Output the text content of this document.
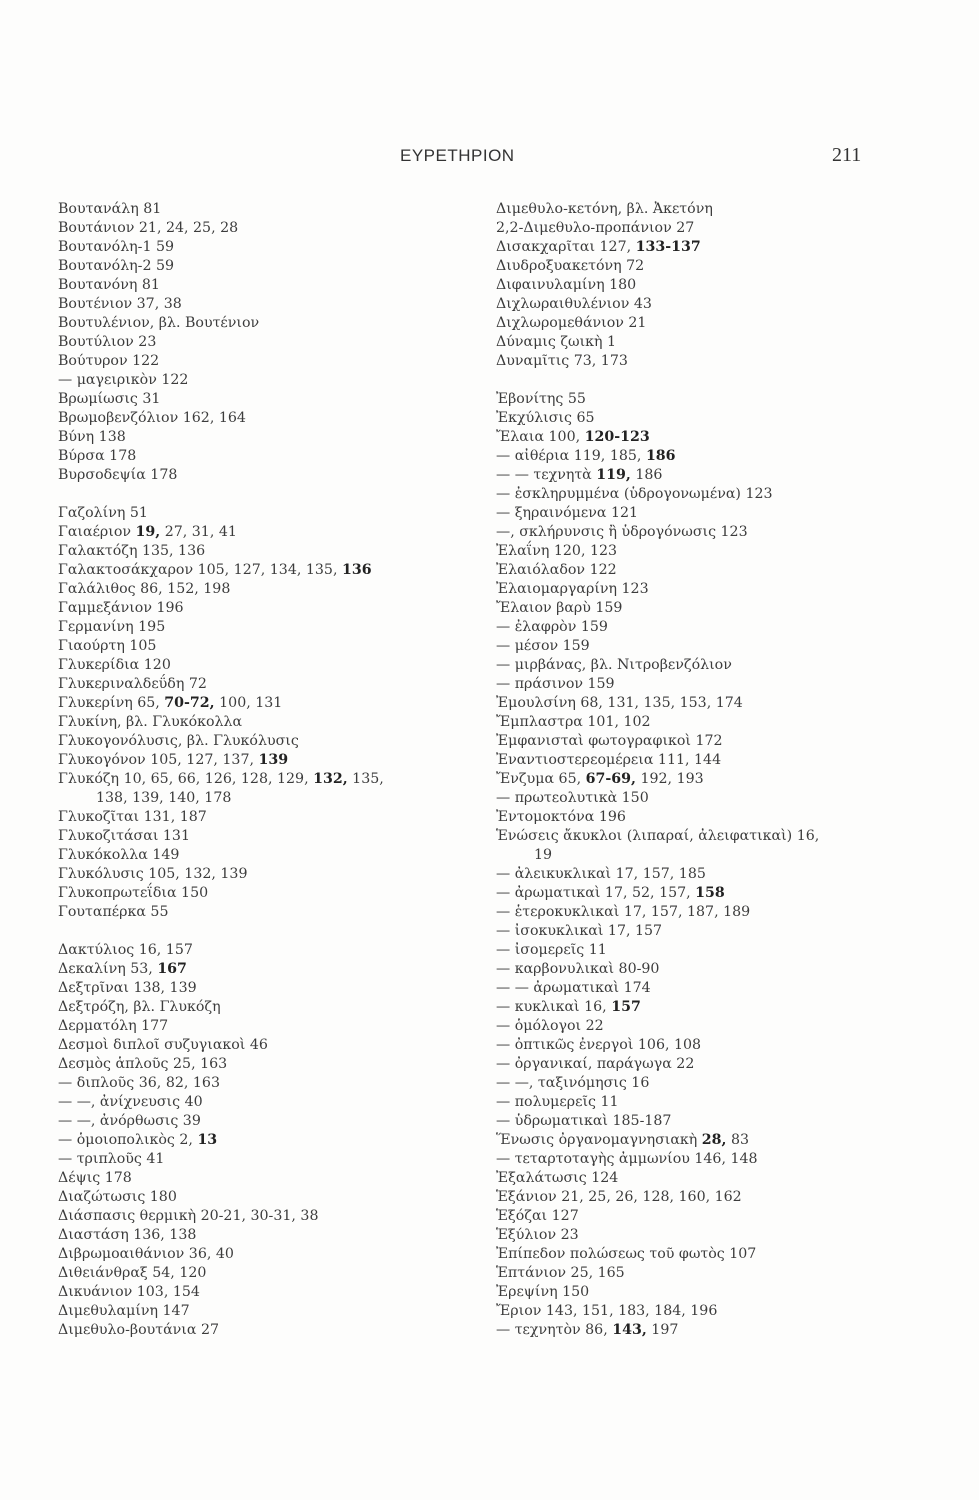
ΕΥΡΕΤΗΡΙΟΝ	211
Βουτανάλη 81
Βουτάνιον 21, 24, 25, 28
Βουτανόλη-1 59
Βουτανόλη-2 59
Βουτανόνη 81
Βουτένιον 37, 38
Βουτυλένιον, βλ. Βουτένιον
Βουτύλιον 23
Βούτυρον 122
— μαγειρικὸν 122
Βρωμίωσις 31
Βρωμοβενζόλιον 162, 164
Βύνη 138
Βύρσα 178
Βυρσοδεψία 178
Γαζολίνη 51
Γαιαέριον 19, 27, 31, 41
Γαλακτόζη 135, 136
Γαλακτοσάκχαρον 105, 127, 134, 135, 136
Γαλάλιθος 86, 152, 198
Γαμμεξάνιον 196
Γερμανίνη 195
Γιαούρτη 105
Γλυκερίδια 120
Γλυκεριναλδεΰδη 72
Γλυκερίνη 65, 70-72, 100, 131
Γλυκίνη, βλ. Γλυκόκολλα
Γλυκογονόλυσις, βλ. Γλυκόλυσις
Γλυκογόνον 105, 127, 137, 139
Γλυκόζη 10, 65, 66, 126, 128, 129, 132, 135,
138, 139, 140, 178
Γλυκοζῖται 131, 187
Γλυκοζιτάσαι 131
Γλυκόκολλα 149
Γλυκόλυσις 105, 132, 139
Γλυκοπρωτεΐδια 150
Γουταπέρκα 55
Δακτύλιος 16, 157
Δεκαλίνη 53, 167
Δεξτρῖναι 138, 139
Δεξτρόζη, βλ. Γλυκόζη
Δερματόλη 177
Δεσμοὶ διπλοῖ συζυγιακοὶ 46
Δεσμὸς ἁπλοῦς 25, 163
— διπλοῦς 36, 82, 163
— —, ἀνίχνευσις 40
— —, ἀνόρθωσις 39
— ὁμοιοπολικὸς 2, 13
— τριπλοῦς 41
Δέψις 178
Διαζώτωσις 180
Διάσπασις θερμικὴ 20-21, 30-31, 38
Διαστάση 136, 138
Διβρωμοαιθάνιον 36, 40
Διθειάνθραξ 54, 120
Δικυάνιον 103, 154
Διμεθυλαμίνη 147
Διμεθυλο-βουτάνια 27
Διμεθυλο-κετόνη, βλ. Ἀκετόνη
2,2-Διμεθυλο-προπάνιον 27
Δισακχαρῖται 127, 133-137
Διυδροξυακετόνη 72
Διφαινυλαμίνη 180
Διχλωραιθυλένιον 43
Διχλωρομεθάνιον 21
Δύναμις ζωικὴ 1
Δυναμῖτις 73, 173
Ἐβονίτης 55
Ἐκχύλισις 65
Ἔλαια 100, 120-123
— αἰθέρια 119, 185, 186
— — τεχνητὰ 119, 186
— ἐσκληρυμμένα (ὑδρογονωμένα) 123
— ξηραινόμενα 121
—, σκλήρυνσις ἢ ὑδρογόνωσις 123
Ἐλαΐνη 120, 123
Ἐλαιόλαδον 122
Ἐλαιομαργαρίνη 123
Ἔλαιον βαρὺ 159
— ἐλαφρὸν 159
— μέσον 159
— μιρβάνας, βλ. Νιτροβενζόλιον
— πράσινον 159
Ἐμουλσίνη 68, 131, 135, 153, 174
Ἔμπλαστρα 101, 102
Ἐμφανισταὶ φωτογραφικοὶ 172
Ἐναντιοστερεομέρεια 111, 144
Ἔνζυμα 65, 67-69, 192, 193
— πρωτεολυτικὰ 150
Ἐντομοκτόνα 196
Ἑνώσεις ἄκυκλοι (λιπαραί, ἀλειφατικαὶ) 16,
19
— ἀλεικυκλικαὶ 17, 157, 185
— ἀρωματικαὶ 17, 52, 157, 158
— ἑτεροκυκλικαὶ 17, 157, 187, 189
— ἰσοκυκλικαὶ 17, 157
— ἰσομερεῖς 11
— καρβονυλικαὶ 80-90
— — ἀρωματικαὶ 174
— κυκλικαὶ 16, 157
— ὁμόλογοι 22
— ὀπτικῶς ἐνεργοὶ 106, 108
— ὀργανικαί, παράγωγα 22
— —, ταξινόμησις 16
— πολυμερεῖς 11
— ὑδρωματικαὶ 185-187
Ἕνωσις ὀργανομαγνησιακὴ 28, 83
— τεταρτοταγὴς ἀμμωνίου 146, 148
Ἐξαλάτωσις 124
Ἑξάνιον 21, 25, 26, 128, 160, 162
Ἑξόζαι 127
Ἑξύλιον 23
Ἐπίπεδον πολώσεως τοῦ φωτὸς 107
Ἑπτάνιον 25, 165
Ἐρεψίνη 150
Ἔριον 143, 151, 183, 184, 196
— τεχνητὸν 86, 143, 197
